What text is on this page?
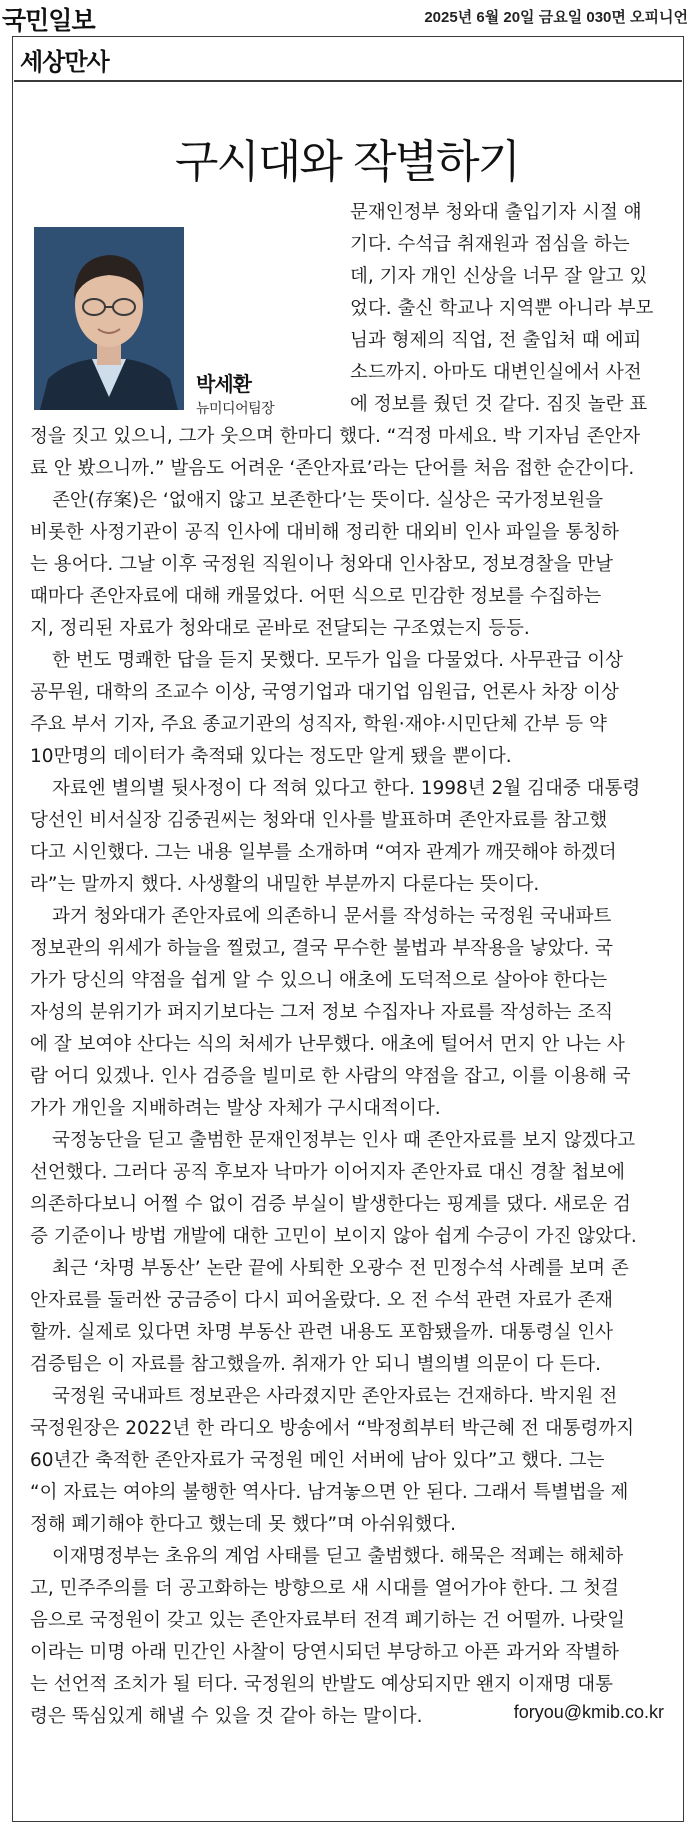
국민일보	2025년 6월 20일 금요일 030면 오피니언
세상만사
구시대와 작별하기
박세환
뉴미디어팀장
문재인정부 청와대 출입기자 시절 얘
기다. 수석급 취재원과 점심을 하는
데, 기자 개인 신상을 너무 잘 알고 있
었다. 출신 학교나 지역뿐 아니라 부모
님과 형제의 직업, 전 출입처 때 에피
소드까지. 아마도 대변인실에서 사전
에 정보를 줬던 것 같다. 짐짓 놀란 표
정을 짓고 있으니, 그가 웃으며 한마디 했다. “걱정 마세요. 박 기자님 존안자
료 안 봤으니까.” 발음도 어려운 ‘존안자료’라는 단어를 처음 접한 순간이다.
존안(存案)은 ‘없애지 않고 보존한다’는 뜻이다. 실상은 국가정보원을
비롯한 사정기관이 공직 인사에 대비해 정리한 대외비 인사 파일을 통칭하
는 용어다. 그날 이후 국정원 직원이나 청와대 인사참모, 정보경찰을 만날
때마다 존안자료에 대해 캐물었다. 어떤 식으로 민감한 정보를 수집하는
지, 정리된 자료가 청와대로 곧바로 전달되는 구조였는지 등등.
한 번도 명쾌한 답을 듣지 못했다. 모두가 입을 다물었다. 사무관급 이상
공무원, 대학의 조교수 이상, 국영기업과 대기업 임원급, 언론사 차장 이상
주요 부서 기자, 주요 종교기관의 성직자, 학원·재야·시민단체 간부 등 약
10만명의 데이터가 축적돼 있다는 정도만 알게 됐을 뿐이다.
자료엔 별의별 뒷사정이 다 적혀 있다고 한다. 1998년 2월 김대중 대통령
당선인 비서실장 김중권씨는 청와대 인사를 발표하며 존안자료를 참고했
다고 시인했다. 그는 내용 일부를 소개하며 “여자 관계가 깨끗해야 하겠더
라”는 말까지 했다. 사생활의 내밀한 부분까지 다룬다는 뜻이다.
과거 청와대가 존안자료에 의존하니 문서를 작성하는 국정원 국내파트
정보관의 위세가 하늘을 찔렀고, 결국 무수한 불법과 부작용을 낳았다. 국
가가 당신의 약점을 쉽게 알 수 있으니 애초에 도덕적으로 살아야 한다는
자성의 분위기가 퍼지기보다는 그저 정보 수집자나 자료를 작성하는 조직
에 잘 보여야 산다는 식의 처세가 난무했다. 애초에 털어서 먼지 안 나는 사
람 어디 있겠나. 인사 검증을 빌미로 한 사람의 약점을 잡고, 이를 이용해 국
가가 개인을 지배하려는 발상 자체가 구시대적이다.
국정농단을 딛고 출범한 문재인정부는 인사 때 존안자료를 보지 않겠다고
선언했다. 그러다 공직 후보자 낙마가 이어지자 존안자료 대신 경찰 첩보에
의존하다보니 어쩔 수 없이 검증 부실이 발생한다는 핑계를 댔다. 새로운 검
증 기준이나 방법 개발에 대한 고민이 보이지 않아 쉽게 수긍이 가진 않았다.
최근 ‘차명 부동산’ 논란 끝에 사퇴한 오광수 전 민정수석 사례를 보며 존
안자료를 둘러싼 궁금증이 다시 피어올랐다. 오 전 수석 관련 자료가 존재
할까. 실제로 있다면 차명 부동산 관련 내용도 포함됐을까. 대통령실 인사
검증팀은 이 자료를 참고했을까. 취재가 안 되니 별의별 의문이 다 든다.
국정원 국내파트 정보관은 사라졌지만 존안자료는 건재하다. 박지원 전
국정원장은 2022년 한 라디오 방송에서 “박정희부터 박근혜 전 대통령까지
60년간 축적한 존안자료가 국정원 메인 서버에 남아 있다”고 했다. 그는
“이 자료는 여야의 불행한 역사다. 남겨놓으면 안 된다. 그래서 특별법을 제
정해 폐기해야 한다고 했는데 못 했다”며 아쉬워했다.
이재명정부는 초유의 계엄 사태를 딛고 출범했다. 해묵은 적폐는 해체하
고, 민주주의를 더 공고화하는 방향으로 새 시대를 열어가야 한다. 그 첫걸
음으로 국정원이 갖고 있는 존안자료부터 전격 폐기하는 건 어떨까. 나랏일
이라는 미명 아래 민간인 사찰이 당연시되던 부당하고 아픈 과거와 작별하
는 선언적 조치가 될 터다. 국정원의 반발도 예상되지만 왠지 이재명 대통
령은 뚝심있게 해낼 수 있을 것 같아 하는 말이다.	foryou@kmib.co.kr
